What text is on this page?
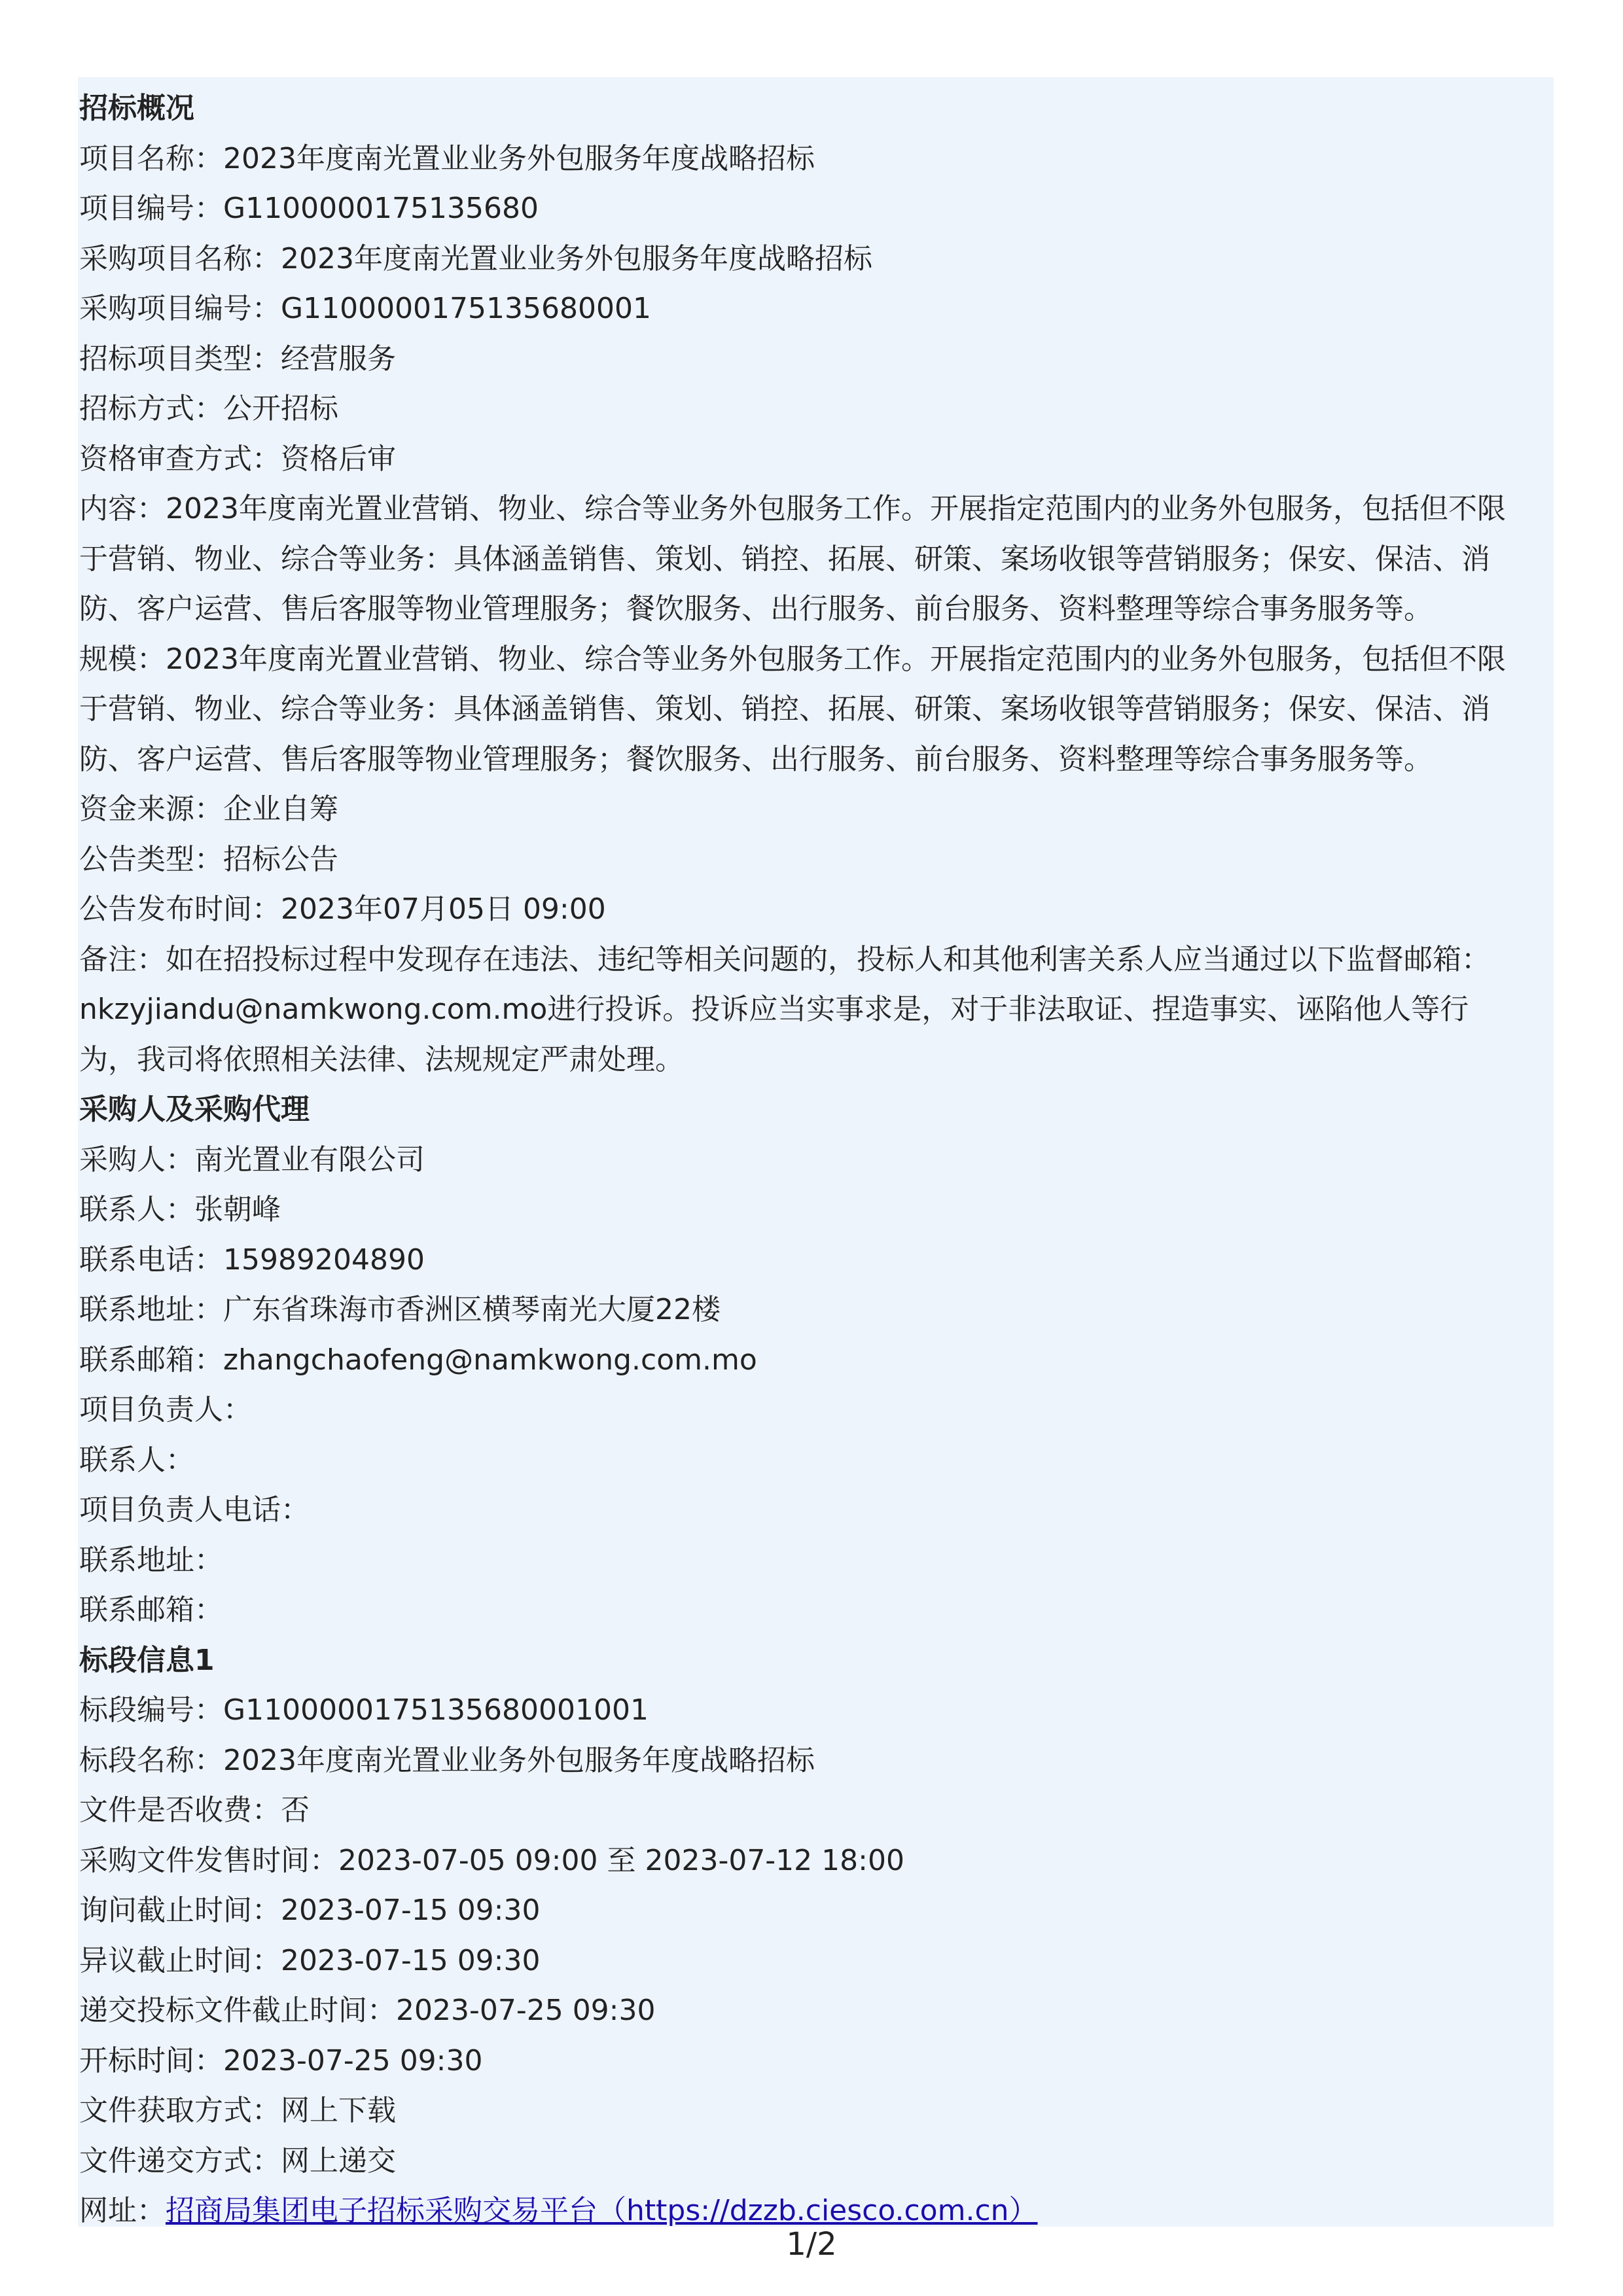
招标概况

项目名称：2023年度南光置业业务外包服务年度战略招标

项目编号：G1100000175135680

采购项目名称：2023年度南光置业业务外包服务年度战略招标

采购项目编号：G1100000175135680001

招标项目类型：经营服务

招标方式：公开招标

资格审查方式：资格后审

内容：2023年度南光置业营销、物业、综合等业务外包服务工作。开展指定范围内的业务外包服务，包括但不限

于营销、物业、综合等业务：具体涵盖销售、策划、销控、拓展、研策、案场收银等营销服务；保安、保洁、消

防、客户运营、售后客服等物业管理服务；餐饮服务、出行服务、前台服务、资料整理等综合事务服务等。

规模：2023年度南光置业营销、物业、综合等业务外包服务工作。开展指定范围内的业务外包服务，包括但不限

于营销、物业、综合等业务：具体涵盖销售、策划、销控、拓展、研策、案场收银等营销服务；保安、保洁、消

防、客户运营、售后客服等物业管理服务；餐饮服务、出行服务、前台服务、资料整理等综合事务服务等。

资金来源：企业自筹

公告类型：招标公告

公告发布时间：2023年07月05日 09:00

备注：如在招投标过程中发现存在违法、违纪等相关问题的，投标人和其他利害关系人应当通过以下监督邮箱：

nkzyjiandu@namkwong.com.mo进行投诉。投诉应当实事求是，对于非法取证、捏造事实、诬陷他人等行

为，我司将依照相关法律、法规规定严肃处理。

采购人及采购代理

采购人：南光置业有限公司

联系人：张朝峰

联系电话：15989204890

联系地址：广东省珠海市香洲区横琴南光大厦22楼

联系邮箱：zhangchaofeng@namkwong.com.mo

项目负责人：

联系人：

项目负责人电话：

联系地址：

联系邮箱：

标段信息1

标段编号：G1100000175135680001001

标段名称：2023年度南光置业业务外包服务年度战略招标

文件是否收费：否

采购文件发售时间：2023-07-05 09:00 至 2023-07-12 18:00

询问截止时间：2023-07-15 09:30

异议截止时间：2023-07-15 09:30

递交投标文件截止时间：2023-07-25 09:30

开标时间：2023-07-25 09:30

文件获取方式：网上下载

文件递交方式：网上递交

网址：招商局集团电子招标采购交易平台（https://dzzb.ciesco.com.cn）

1/2
